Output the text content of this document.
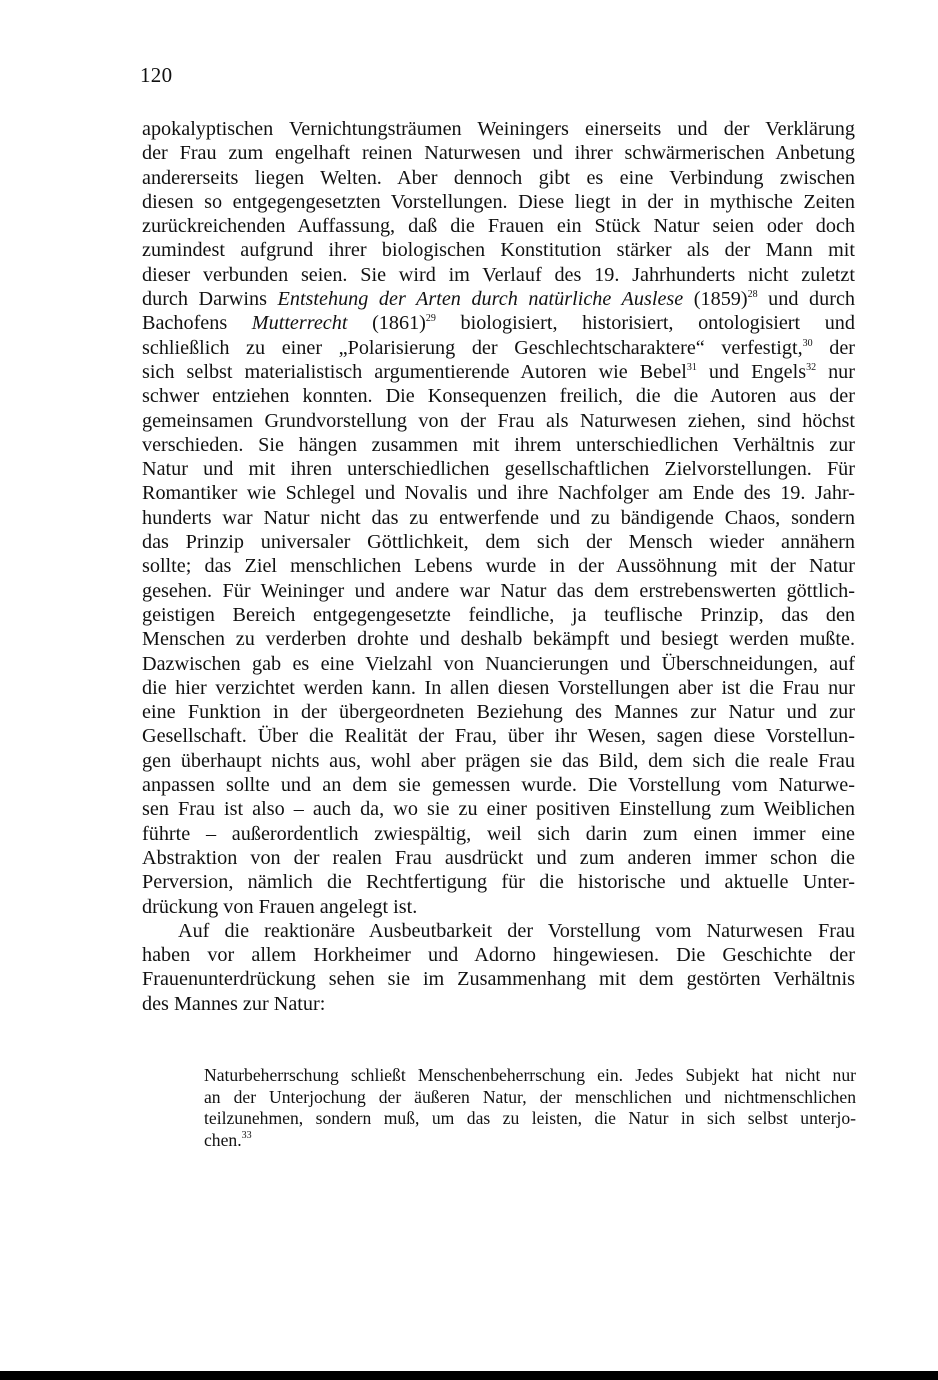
120
apokalyptischen Vernichtungsträumen Weiningers einerseits und der Verklärung
der Frau zum engelhaft reinen Naturwesen und ihrer schwärmerischen Anbetung
andererseits liegen Welten. Aber dennoch gibt es eine Verbindung zwischen
diesen so entgegengesetzten Vorstellungen. Diese liegt in der in mythische Zeiten
zurückreichenden Auffassung, daß die Frauen ein Stück Natur seien oder doch
zumindest aufgrund ihrer biologischen Konstitution stärker als der Mann mit
dieser verbunden seien. Sie wird im Verlauf des 19. Jahrhunderts nicht zuletzt
durch Darwins Entstehung der Arten durch natürliche Auslese $(1859)^{28}$ und durch
Bachofens Mutterrecht $(1861)^{29}$ biologisiert, historisiert, ontologisiert und
schließlich zu einer „Polarisierung der Geschlechtscharaktere“ verfestigt,$^{30}$ der
sich selbst materialistisch argumentierende Autoren wie Bebel$^{31}$ und Engels$^{32}$ nur
schwer entziehen konnten. Die Konsequenzen freilich, die die Autoren aus der
gemeinsamen Grundvorstellung von der Frau als Naturwesen ziehen, sind höchst
verschieden. Sie hängen zusammen mit ihrem unterschiedlichen Verhältnis zur
Natur und mit ihren unterschiedlichen gesellschaftlichen Zielvorstellungen. Für
Romantiker wie Schlegel und Novalis und ihre Nachfolger am Ende des 19. Jahr-
hunderts war Natur nicht das zu entwerfende und zu bändigende Chaos, sondern
das Prinzip universaler Göttlichkeit, dem sich der Mensch wieder annähern
sollte; das Ziel menschlichen Lebens wurde in der Aussöhnung mit der Natur
gesehen. Für Weininger und andere war Natur das dem erstrebenswerten göttlich-
geistigen Bereich entgegengesetzte feindliche, ja teuflische Prinzip, das den
Menschen zu verderben drohte und deshalb bekämpft und besiegt werden mußte.
Dazwischen gab es eine Vielzahl von Nuancierungen und Überschneidungen, auf
die hier verzichtet werden kann. In allen diesen Vorstellungen aber ist die Frau nur
eine Funktion in der übergeordneten Beziehung des Mannes zur Natur und zur
Gesellschaft. Über die Realität der Frau, über ihr Wesen, sagen diese Vorstellun-
gen überhaupt nichts aus, wohl aber prägen sie das Bild, dem sich die reale Frau
anpassen sollte und an dem sie gemessen wurde. Die Vorstellung vom Naturwe-
sen Frau ist also – auch da, wo sie zu einer positiven Einstellung zum Weiblichen
führte – außerordentlich zwiespältig, weil sich darin zum einen immer eine
Abstraktion von der realen Frau ausdrückt und zum anderen immer schon die
Perversion, nämlich die Rechtfertigung für die historische und aktuelle Unter-
drückung von Frauen angelegt ist.
Auf die reaktionäre Ausbeutbarkeit der Vorstellung vom Naturwesen Frau
haben vor allem Horkheimer und Adorno hingewiesen. Die Geschichte der
Frauenunterdrückung sehen sie im Zusammenhang mit dem gestörten Verhältnis
des Mannes zur Natur:
Naturbeherrschung schließt Menschenbeherrschung ein. Jedes Subjekt hat nicht nur
an der Unterjochung der äußeren Natur, der menschlichen und nichtmenschlichen
teilzunehmen, sondern muß, um das zu leisten, die Natur in sich selbst unterjo-
chen.$^{33}$
